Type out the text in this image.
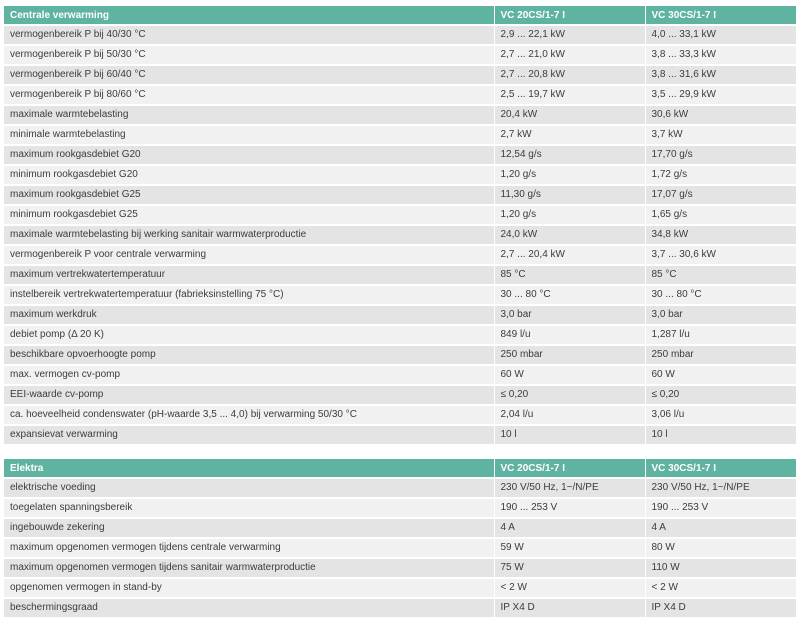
Centrale verwarming	VC 20CS/1-7 I	VC 30CS/1-7 I
vermogenbereik P bij 40/30 °C	2,9 ... 22,1 kW	4,0 ... 33,1 kW
vermogenbereik P bij 50/30 °C	2,7 ... 21,0 kW	3,8 ... 33,3 kW
vermogenbereik P bij 60/40 °C	2,7 ... 20,8 kW	3,8 ... 31,6 kW
vermogenbereik P bij 80/60 °C	2,5 ... 19,7 kW	3,5 ... 29,9 kW
maximale warmtebelasting	20,4 kW	30,6 kW
minimale warmtebelasting	2,7 kW	3,7 kW
maximum rookgasdebiet G20	12,54 g/s	17,70 g/s
minimum rookgasdebiet G20	1,20 g/s	1,72 g/s
maximum rookgasdebiet G25	11,30 g/s	17,07 g/s
minimum rookgasdebiet G25	1,20 g/s	1,65 g/s
maximale warmtebelasting bij werking sanitair warmwaterproductie	24,0 kW	34,8 kW
vermogenbereik P voor centrale verwarming	2,7 ... 20,4 kW	3,7 ... 30,6 kW
maximum vertrekwatertemperatuur	85 °C	85 °C
instelbereik vertrekwatertemperatuur (fabrieksinstelling 75 °C)	30 ... 80 °C	30 ... 80 °C
maximum werkdruk	3,0 bar	3,0 bar
debiet pomp (Δ 20 K)	849 l/u	1,287 l/u
beschikbare opvoerhoogte pomp	250 mbar	250 mbar
max. vermogen cv-pomp	60 W	60 W
EEI-waarde cv-pomp	≤ 0,20	≤ 0,20
ca. hoeveelheid condenswater (pH-waarde 3,5 ... 4,0) bij verwarming 50/30 °C	2,04 l/u	3,06 l/u
expansievat verwarming	10 l	10 l
Elektra	VC 20CS/1-7 I	VC 30CS/1-7 I
elektrische voeding	230 V/50 Hz, 1~/N/PE	230 V/50 Hz, 1~/N/PE
toegelaten spanningsbereik	190 ... 253 V	190 ... 253 V
ingebouwde zekering	4 A	4 A
maximum opgenomen vermogen tijdens centrale verwarming	59 W	80 W
maximum opgenomen vermogen tijdens sanitair warmwaterproductie	75 W	110 W
opgenomen vermogen in stand-by	< 2 W	< 2 W
beschermingsgraad	IP X4 D	IP X4 D
